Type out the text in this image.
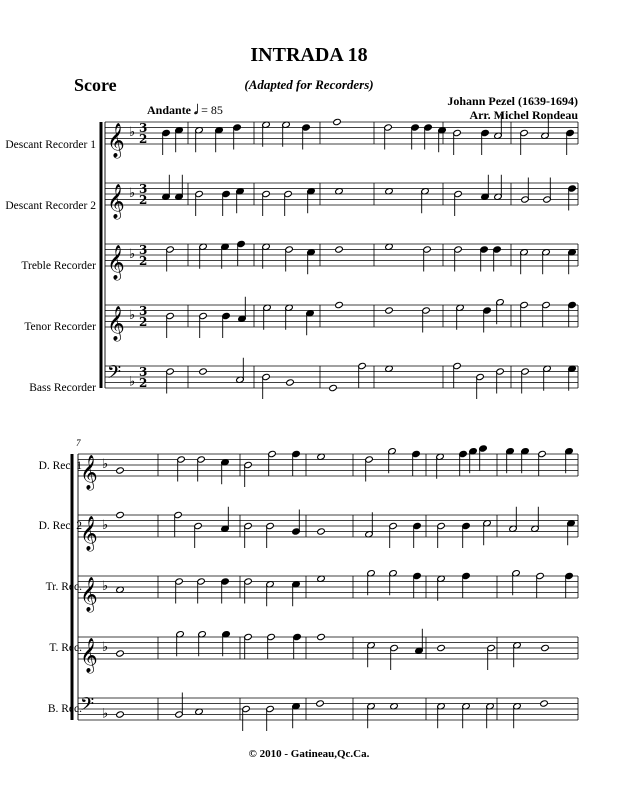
INTRADA 18
Score	(Adapted for Recorders)
Johann Pezel (1639-1694)
Arr. Michel Rondeau
Andante 𝅗𝅥 = 85
Descant Recorder 1
Descant Recorder 2
Treble Recorder
Tenor Recorder
Bass Recorder
D. Rec. 1
D. Rec. 2
Tr. Rec.
T. Rec.
B. Rec.
7
𝄞 ♭ 3
2
𝄞 ♭ 3
2
𝄞 ♭ 3
2
𝄞 ♭ 3
2
𝄢 ♭
3
2
𝄞 ♭
𝄞 ♭
𝄞 ♭
𝄞 ♭
𝄢 ♭
© 2010 - Gatineau,Qc.Ca.
